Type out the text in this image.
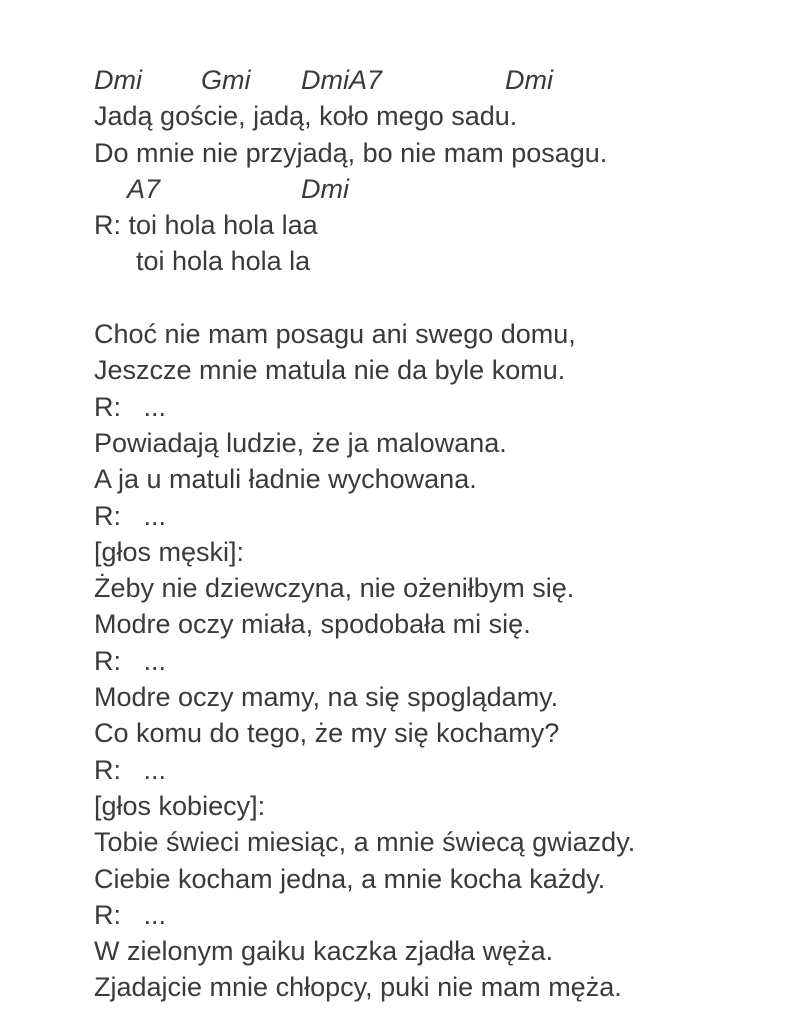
Dmi Gmi DmiA7	Dmi
Jadą goście, jadą, koło mego sadu.
Do mnie nie przyjadą, bo nie mam posagu.
A7	Dmi
R: toi hola hola laa
toi hola hola la
Choć nie mam posagu ani swego domu,
Jeszcze mnie matula nie da byle komu.
R:   ...
Powiadają ludzie, że ja malowana.
A ja u matuli ładnie wychowana.
R:   ...
[głos męski]:
Żeby nie dziewczyna, nie ożeniłbym się.
Modre oczy miała, spodobała mi się.
R:   ...
Modre oczy mamy, na się spoglądamy.
Co komu do tego, że my się kochamy?
R:   ...
[głos kobiecy]:
Tobie świeci miesiąc, a mnie świecą gwiazdy.
Ciebie kocham jedna, a mnie kocha każdy.
R:   ...
W zielonym gaiku kaczka zjadła węża.
Zjadajcie mnie chłopcy, puki nie mam męża.
